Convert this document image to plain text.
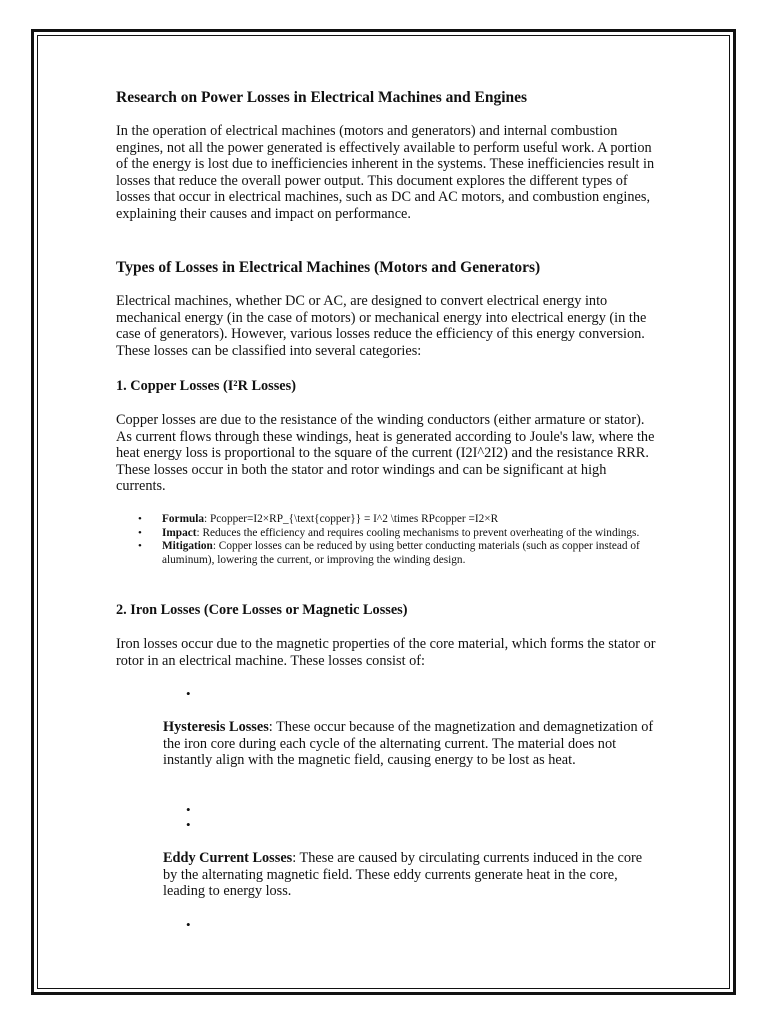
Research on Power Losses in Electrical Machines and Engines

In the operation of electrical machines (motors and generators) and internal combustion engines, not all the power generated is effectively available to perform useful work. A portion of the energy is lost due to inefficiencies inherent in the systems. These inefficiencies result in losses that reduce the overall power output. This document explores the different types of losses that occur in electrical machines, such as DC and AC motors, and combustion engines, explaining their causes and impact on performance.

Types of Losses in Electrical Machines (Motors and Generators)

Electrical machines, whether DC or AC, are designed to convert electrical energy into mechanical energy (in the case of motors) or mechanical energy into electrical energy (in the case of generators). However, various losses reduce the efficiency of this energy conversion. These losses can be classified into several categories:

1. Copper Losses (I²R Losses)

Copper losses are due to the resistance of the winding conductors (either armature or stator). As current flows through these windings, heat is generated according to Joule's law, where the heat energy loss is proportional to the square of the current (I2I^2I2) and the resistance RRR. These losses occur in both the stator and rotor windings and can be significant at high currents.

• Formula: Pcopper=I2×RP_{\text{copper}} = I^2 \times RPcopper =I2×R
• Impact: Reduces the efficiency and requires cooling mechanisms to prevent overheating of the windings.
• Mitigation: Copper losses can be reduced by using better conducting materials (such as copper instead of aluminum), lowering the current, or improving the winding design.
2. Iron Losses (Core Losses or Magnetic Losses)

Iron losses occur due to the magnetic properties of the core material, which forms the stator or rotor in an electrical machine. These losses consist of:

•

Hysteresis Losses: These occur because of the magnetization and demagnetization of the iron core during each cycle of the alternating current. The material does not instantly align with the magnetic field, causing energy to be lost as heat.

•
•

Eddy Current Losses: These are caused by circulating currents induced in the core by the alternating magnetic field. These eddy currents generate heat in the core, leading to energy loss.

•
